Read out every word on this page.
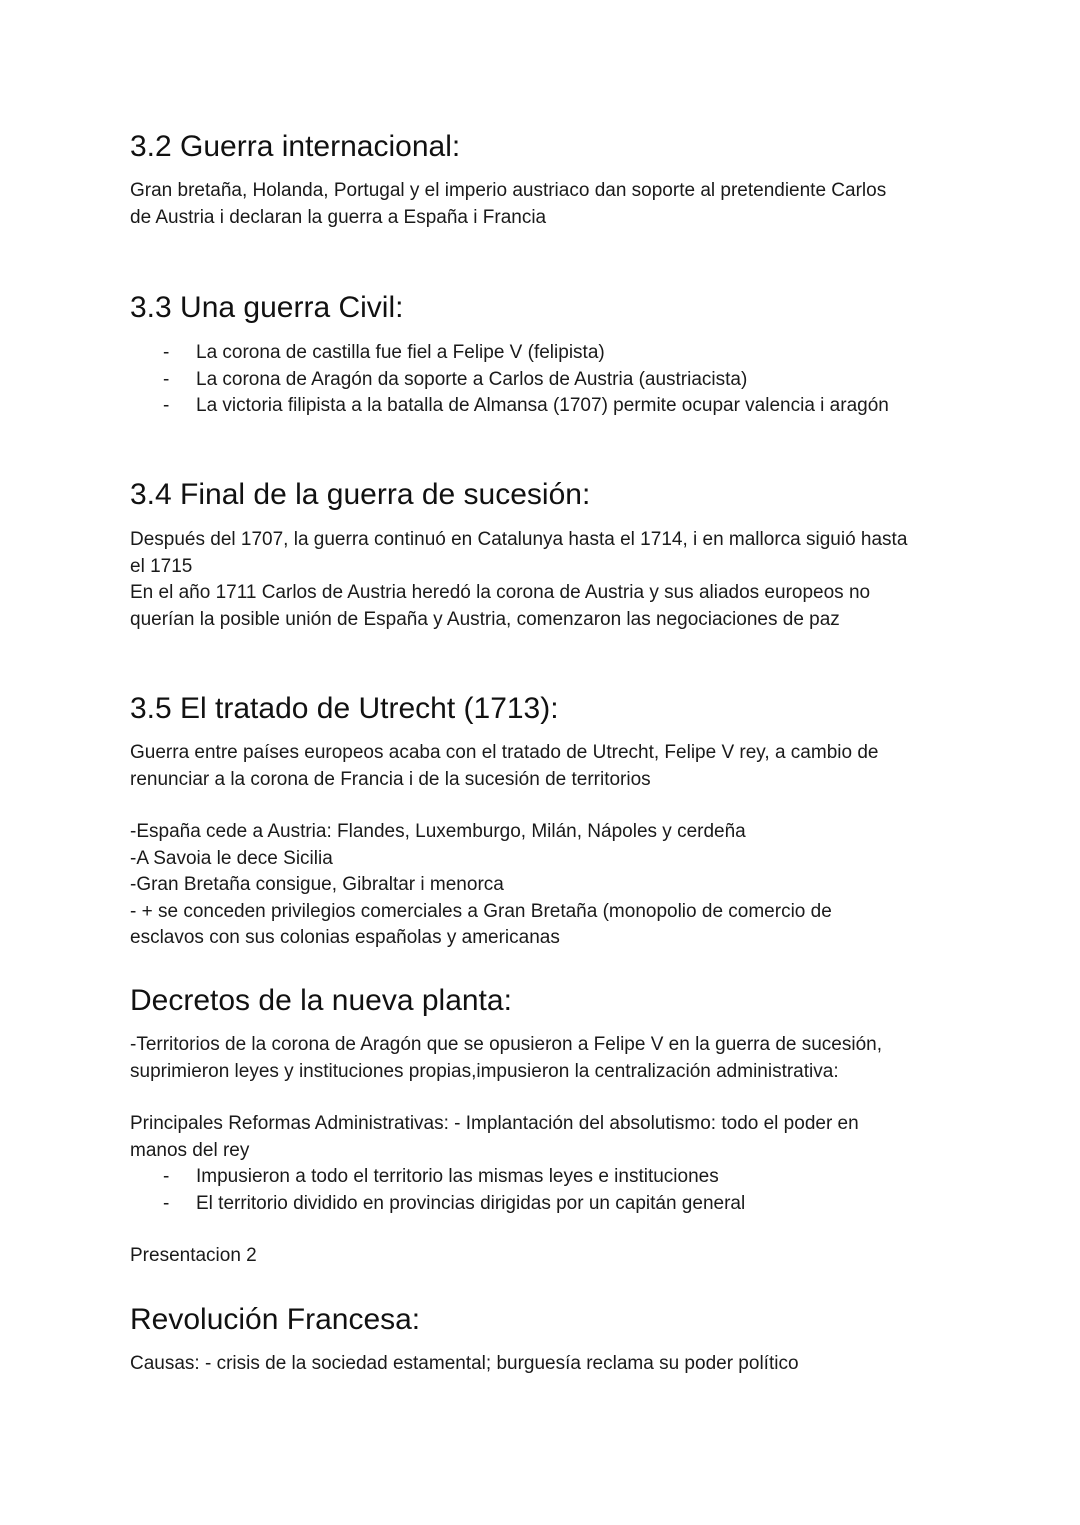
3.2 Guerra internacional:

Gran bretaña, Holanda, Portugal y el imperio austriaco dan soporte al pretendiente Carlos
de Austria i declaran la guerra a España i Francia

3.3 Una guerra Civil:
- La corona de castilla fue fiel a Felipe V (felipista)
- La corona de Aragón da soporte a Carlos de Austria (austriacista)
- La victoria filipista a la batalla de Almansa (1707) permite ocupar valencia i aragón
3.4 Final de la guerra de sucesión:

Después del 1707, la guerra continuó en Catalunya hasta el 1714, i en mallorca siguió hasta
el 1715
En el año 1711 Carlos de Austria heredó la corona de Austria y sus aliados europeos no
querían la posible unión de España y Austria, comenzaron las negociaciones de paz

3.5 El tratado de Utrecht (1713):

Guerra entre países europeos acaba con el tratado de Utrecht, Felipe V rey, a cambio de
renunciar a la corona de Francia i de la sucesión de territorios

-España cede a Austria: Flandes, Luxemburgo, Milán, Nápoles y cerdeña
-A Savoia le dece Sicilia
-Gran Bretaña consigue, Gibraltar i menorca
- + se conceden privilegios comerciales a Gran Bretaña (monopolio de comercio de
esclavos con sus colonias españolas y americanas

Decretos de la nueva planta:

-Territorios de la corona de Aragón que se opusieron a Felipe V en la guerra de sucesión,
suprimieron leyes y instituciones propias,impusieron la centralización administrativa:

Principales Reformas Administrativas: - Implantación del absolutismo: todo el poder en
manos del rey

- Impusieron a todo el territorio las mismas leyes e instituciones
- El territorio dividido en provincias dirigidas por un capitán general

Presentacion 2

Revolución Francesa:

Causas: - crisis de la sociedad estamental; burguesía reclama su poder político
